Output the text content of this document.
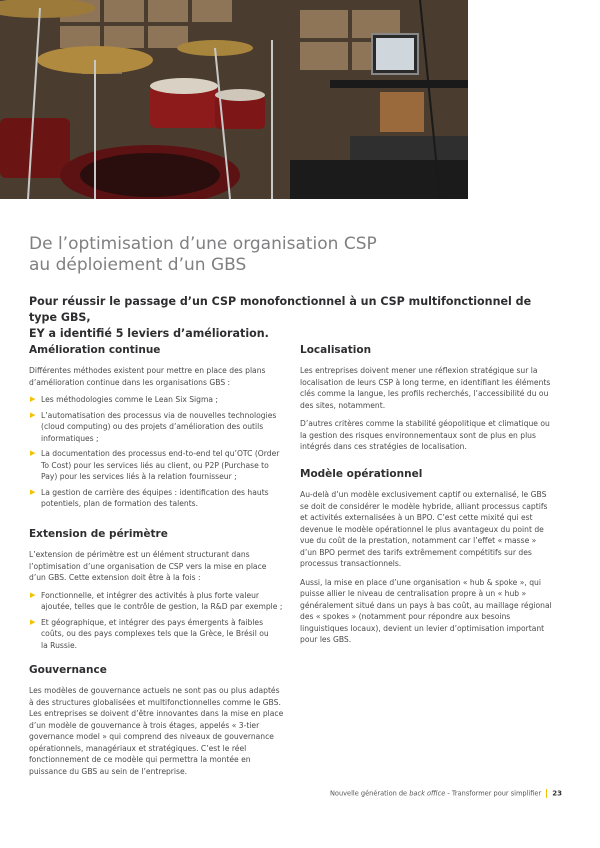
De l’optimisation d’une organisation CSP
au déploiement d’un GBS

Pour réussir le passage d’un CSP monofonctionnel à un CSP multifonctionnel de type GBS,
EY a identifié 5 leviers d’amélioration.

Amélioration continue

Différentes méthodes existent pour mettre en place des plans
d’amélioration continue dans les organisations GBS :

▶ Les méthodologies comme le Lean Six Sigma ;
▶ L’automatisation des processus via de nouvelles technologies
(cloud computing) ou des projets d’amélioration des outils
informatiques ;
▶ La documentation des processus end-to-end tel qu’OTC (Order
To Cost) pour les services liés au client, ou P2P (Purchase to
Pay) pour les services liés à la relation fournisseur ;
▶ La gestion de carrière des équipes : identification des hauts
potentiels, plan de formation des talents.
Extension de périmètre

L’extension de périmètre est un élément structurant dans
l’optimisation d’une organisation de CSP vers la mise en place
d’un GBS. Cette extension doit être à la fois :

▶ Fonctionnelle, et intégrer des activités à plus forte valeur
ajoutée, telles que le contrôle de gestion, la R&D par exemple ;
▶ Et géographique, et intégrer des pays émergents à faibles
coûts, ou des pays complexes tels que la Grèce, le Brésil ou
la Russie.
Gouvernance

Les modèles de gouvernance actuels ne sont pas ou plus adaptés
à des structures globalisées et multifonctionnelles comme le GBS.
Les entreprises se doivent d’être innovantes dans la mise en place
d’un modèle de gouvernance à trois étages, appelés « 3-tier
governance model » qui comprend des niveaux de gouvernance
opérationnels, managériaux et stratégiques. C’est le réel
fonctionnement de ce modèle qui permettra la montée en
puissance du GBS au sein de l’entreprise.

Localisation

Les entreprises doivent mener une réflexion stratégique sur la
localisation de leurs CSP à long terme, en identifiant les éléments
clés comme la langue, les profils recherchés, l’accessibilité du ou
des sites, notamment.

D’autres critères comme la stabilité géopolitique et climatique ou
la gestion des risques environnementaux sont de plus en plus
intégrés dans ces stratégies de localisation.

Modèle opérationnel

Au-delà d’un modèle exclusivement captif ou externalisé, le GBS
se doit de considérer le modèle hybride, alliant processus captifs
et activités externalisées à un BPO. C’est cette mixité qui est
devenue le modèle opérationnel le plus avantageux du point de
vue du coût de la prestation, notamment car l’effet « masse »
d’un BPO permet des tarifs extrêmement compétitifs sur des
processus transactionnels.

Aussi, la mise en place d’une organisation « hub & spoke », qui
puisse allier le niveau de centralisation propre à un « hub »
généralement situé dans un pays à bas coût, au maillage régional
des « spokes » (notamment pour répondre aux besoins
linguistiques locaux), devient un levier d’optimisation important
pour les GBS.

Nouvelle génération de back office - Transformer pour simplifier 23
